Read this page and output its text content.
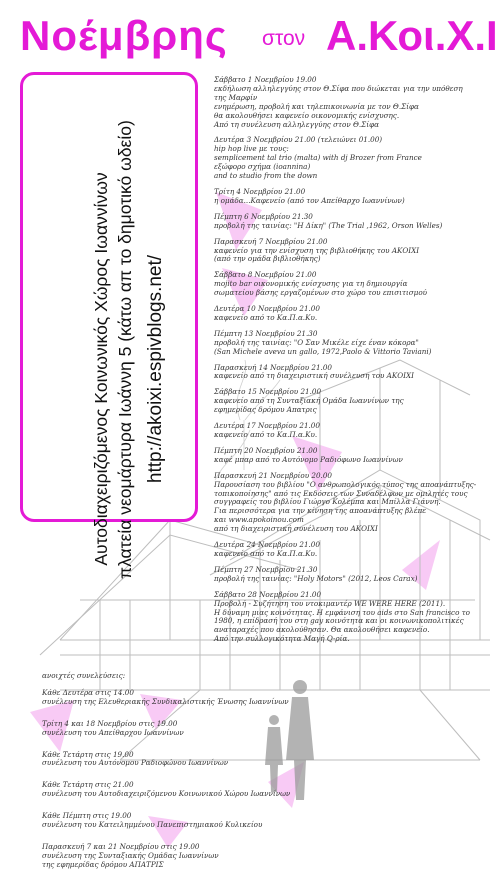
Νοέμβρης στον Α.Κοι.Χ.Ι
Αυτοδιαχειριζόμενος Κοινωνικός Χώρος Ιωαννίνων πλατεία νεομάρτυρα Ιωάννη 5 (κάτω απ το δημοτικό ωδείο) http://akoixi.espivblogs.net/
Σάββατο 1 Νοεμβρίου 19.00
εκδήλωση αλληλεγγύης στον Θ.Σίφα που διώκεται για την υπόθεση
της Μαρφίν
ενημέρωση, προβολή και τηλεπικοινωνία με τον Θ.Σίφα
θα ακολουθήσει καφενείο οικονομικής ενίσχυσης.
Από τη συνέλευση αλληλεγγύης στον Θ.Σίφα
Δευτέρα 3 Νοεμβρίου 21.00 (τελειώνει 01.00)
hip hop live με τους:
semplicement tal trio (malta) with dj Brozer from France
εξώφορο σχήμα (ioannina)
and to studio from the down
Τρίτη 4 Νοεμβρίου 21.00
η ομάδα...Καφενείο (από τον Απείθαρχο Ιωαννίνων)
Πέμπτη 6 Νοεμβρίου 21.30
προβολή της ταινίας: "Η Δίκη" (The Trial ,1962, Orson Welles)
Παρασκευή 7 Νοεμβρίου 21.00
καφενείο για την ενίσχυση της βιβλιοθήκης του ΑΚΟΙΧΙ
(από την ομάδα βιβλιοθήκης)
Σάββατο 8 Νοεμβρίου 21.00
mojito bar οικονομικής ενίσχυσης για τη δημιουργία
σωματείου βάσης εργαζομένων στο χώρο του επισιτισμού
Δευτέρα 10 Νοεμβρίου 21.00
καφενείο από το Κα.Π.α.Κυ.
Πέμπτη 13 Νοεμβρίου 21.30
προβολή της ταινίας: "Ο Σαν Μικέλε είχε έναν κόκορα"
(San Michele aveva un gallo, 1972,Paolo & Vittorio Taviani)
Παρασκευή 14 Νοεμβρίου 21.00
καφενείο από τη διαχειριστική συνέλευση του ΑΚΟΙΧΙ
Σάββατο 15 Νοεμβρίου 21.00
καφενείο από τη Συνταξιακή Ομάδα Ιωαννίνων της
εφημερίδας δρόμου Απατρις
Δευτέρα 17 Νοεμβρίου 21.00
καφενείο από το Κα.Π.α.Κυ.
Πέμπτη 20 Νοεμβρίου 21.00
καφέ μπαρ από το Αυτόνομο Ραδιόφωνο Ιωαννίνων
Παρασκευή 21 Νοεμβρίου 20.00
Παρουσίαση του βιβλίου "Ο ανθρωπολογικός τύπος της αποανάπτυξης-
τοπικοποίησης" από τις Εκδόσεις των Συναδέλφων με ομιλητές τους
συγγραφείς του βιβλίου Γιώργο Κολέμπα και Μπίλλα Γιάννη.
Για περισσότερα για την κίνηση της αποανάπτυξης βλέπε
και www.apokoinou.com
από τη διαχειριστική συνέλευση του ΑΚΟΙΧΙ
Δευτέρα 24 Νοεμβρίου 21.00
καφενείο από το Κα.Π.α.Κυ.
Πέμπτη 27 Νοεμβρίου 21.30
προβολή της ταινίας: "Holy Motors" (2012, Leos Carax)
Σάββατο 28 Νοεμβρίου 21.00
Προβολή - Συζήτηση του ντοκιμαντέρ WE WERE HERE (2011).
Η δύναμη μιας κοινότητας. Η εμφάνιση του aids στο San francisco το
1980, η επίδρασή του στη gay κοινότητα και οι κοινωνικοπολιτικές
αναταραχές που ακολούθησαν. Θα ακολουθήσει καφενείο.
Από την συλλογικότητα Μαγή Q-ρία.
ανοιχτές συνελεύσεις:
Κάθε Δευτέρα στις 14.00
συνέλευση της Ελευθεριακής Συνδικαλιστικής Ένωσης Ιωαννίνων
Τρίτη 4 και 18 Νοεμβρίου στις 19.00
συνέλευση του Απείθαρχου Ιωαννίνων
Κάθε Τετάρτη στις 19.00
συνέλευση του Αυτόνομου Ραδιοφώνου Ιωαννίνων
Κάθε Τετάρτη στις 21.00
συνέλευση του Αυτοδιαχειριζόμενου Κοινωνικού Χώρου Ιωαννίνων
Κάθε Πέμπτη στις 19.00
συνέλευση του Κατειλημμένου Πανεπιστημιακού Κυλικείου
Παρασκευή 7 και 21 Νοεμβρίου στις 19.00
συνέλευση της Συνταξιακής Ομάδας Ιωαννίνων
της εφημερίδας δρόμου ΑΠΑΤΡΙΣ
